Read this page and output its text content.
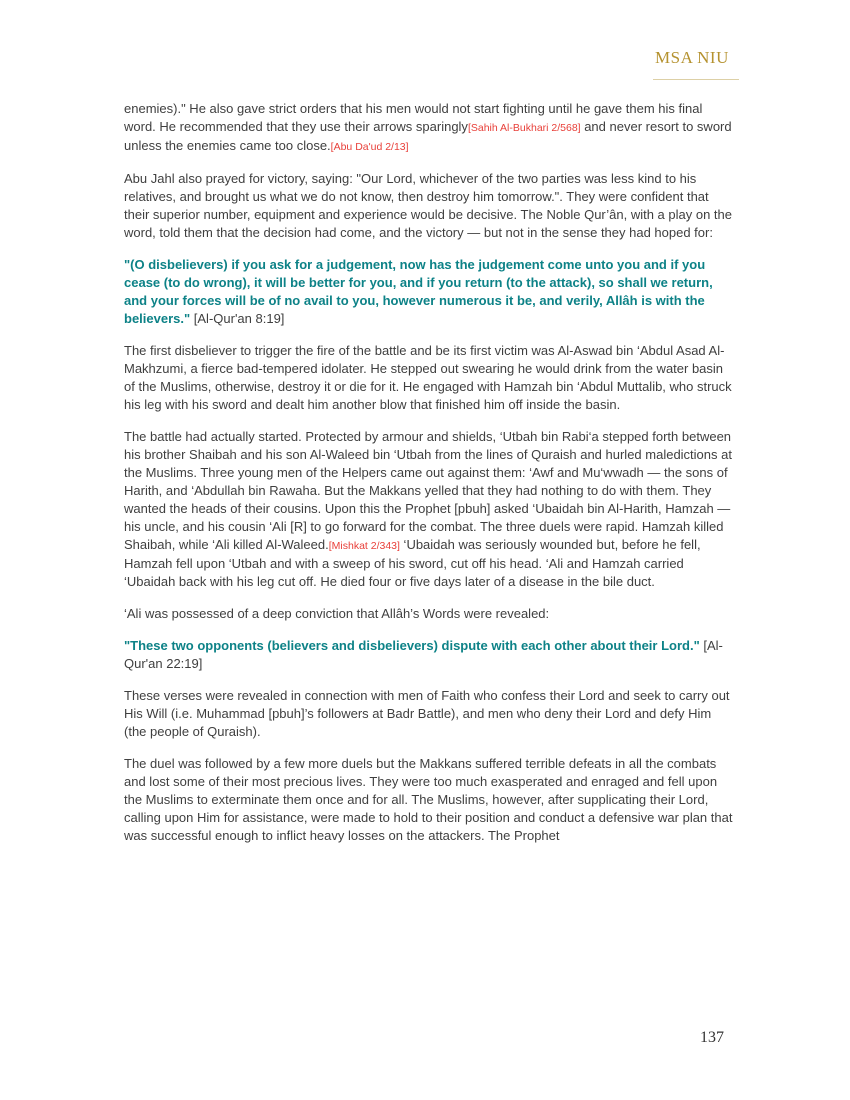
MSA NIU

enemies)." He also gave strict orders that his men would not start fighting until he gave them his final word. He recommended that they use their arrows sparingly[Sahih Al-Bukhari 2/568] and never resort to sword unless the enemies came too close.[Abu Da'ud 2/13]

Abu Jahl also prayed for victory, saying: "Our Lord, whichever of the two parties was less kind to his relatives, and brought us what we do not know, then destroy him tomorrow.". They were confident that their superior number, equipment and experience would be decisive. The Noble Qur’ân, with a play on the word, told them that the decision had come, and the victory — but not in the sense they had hoped for:

"(O disbelievers) if you ask for a judgement, now has the judgement come unto you and if you cease (to do wrong), it will be better for you, and if you return (to the attack), so shall we return, and your forces will be of no avail to you, however numerous it be, and verily, Allâh is with the believers." [Al-Qur'an 8:19]

The first disbeliever to trigger the fire of the battle and be its first victim was Al-Aswad bin ‘Abdul Asad Al-Makhzumi, a fierce bad-tempered idolater. He stepped out swearing he would drink from the water basin of the Muslims, otherwise, destroy it or die for it. He engaged with Hamzah bin ‘Abdul Muttalib, who struck his leg with his sword and dealt him another blow that finished him off inside the basin.

The battle had actually started. Protected by armour and shields, ‘Utbah bin Rabi‘a stepped forth between his brother Shaibah and his son Al-Waleed bin ‘Utbah from the lines of Quraish and hurled maledictions at the Muslims. Three young men of the Helpers came out against them: ‘Awf and Mu‘wwadh — the sons of Harith, and ‘Abdullah bin Rawaha. But the Makkans yelled that they had nothing to do with them. They wanted the heads of their cousins. Upon this the Prophet [pbuh] asked ‘Ubaidah bin Al-Harith, Hamzah — his uncle, and his cousin ‘Ali [R] to go forward for the combat. The three duels were rapid. Hamzah killed Shaibah, while ‘Ali killed Al-Waleed.[Mishkat 2/343] ‘Ubaidah was seriously wounded but, before he fell, Hamzah fell upon ‘Utbah and with a sweep of his sword, cut off his head. ‘Ali and Hamzah carried ‘Ubaidah back with his leg cut off. He died four or five days later of a disease in the bile duct.

‘Ali was possessed of a deep conviction that Allâh’s Words were revealed:

"These two opponents (believers and disbelievers) dispute with each other about their Lord." [Al-Qur'an 22:19]

These verses were revealed in connection with men of Faith who confess their Lord and seek to carry out His Will (i.e. Muhammad [pbuh]’s followers at Badr Battle), and men who deny their Lord and defy Him (the people of Quraish).

The duel was followed by a few more duels but the Makkans suffered terrible defeats in all the combats and lost some of their most precious lives. They were too much exasperated and enraged and fell upon the Muslims to exterminate them once and for all. The Muslims, however, after supplicating their Lord, calling upon Him for assistance, were made to hold to their position and conduct a defensive war plan that was successful enough to inflict heavy losses on the attackers. The Prophet

137
